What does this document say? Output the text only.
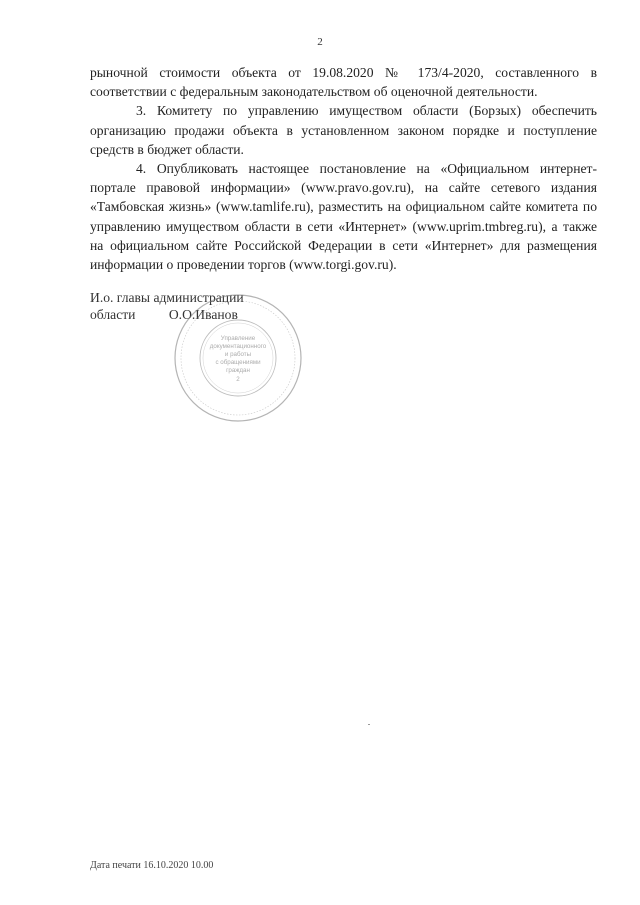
2

рыночной стоимости объекта от 19.08.2020 № 173/4-2020, составленного в соответствии с федеральным законодательством об оценочной деятельности.

3. Комитету по управлению имуществом области (Борзых) обеспечить организацию продажи объекта в установленном законом порядке и поступление средств в бюджет области.

4. Опубликовать настоящее постановление на «Официальном интернет-портале правовой информации» (www.pravo.gov.ru), на сайте сетевого издания «Тамбовская жизнь» (www.tamlife.ru), разместить на официальном сайте комитета по управлению имуществом области в сети «Интернет» (www.uprim.tmbreg.ru), а также на официальном сайте Российской Федерации в сети «Интернет» для размещения информации о проведении торгов (www.torgi.gov.ru).

И.о. главы администрации
области О.О.Иванов
Управление
документационного
и работы
с обращениями
граждан
2
Дата печати 16.10.2020 10.00
